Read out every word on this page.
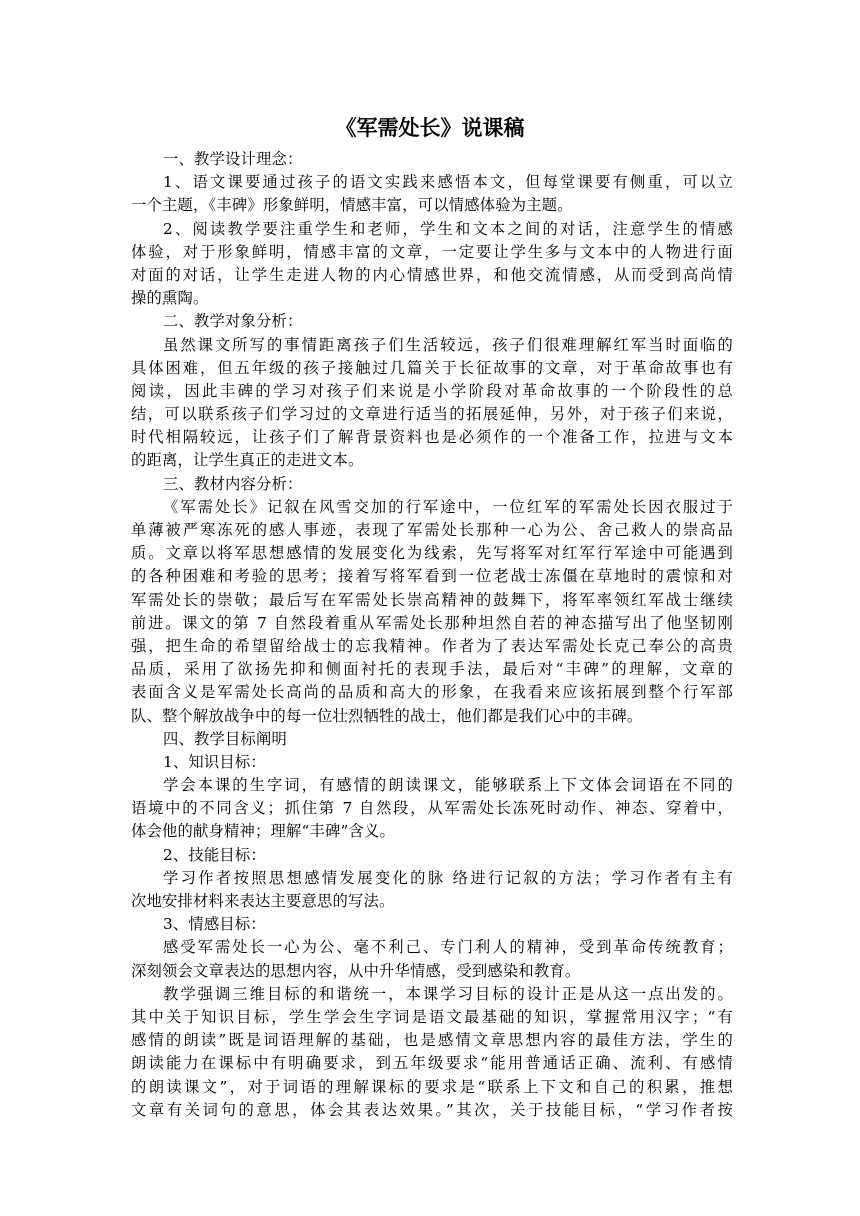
《军需处长》说课稿
一、教学设计理念：
1、语文课要通过孩子的语文实践来感悟本文，但每堂课要有侧重，可以立
一个主题，《丰碑》形象鲜明，情感丰富，可以情感体验为主题。
2、阅读教学要注重学生和老师，学生和文本之间的对话，注意学生的情感
体验，对于形象鲜明，情感丰富的文章，一定要让学生多与文本中的人物进行面
对面的对话，让学生走进人物的内心情感世界，和他交流情感，从而受到高尚情
操的熏陶。
二、教学对象分析：
虽然课文所写的事情距离孩子们生活较远，孩子们很难理解红军当时面临的
具体困难，但五年级的孩子接触过几篇关于长征故事的文章，对于革命故事也有
阅读，因此丰碑的学习对孩子们来说是小学阶段对革命故事的一个阶段性的总
结，可以联系孩子们学习过的文章进行适当的拓展延伸，另外，对于孩子们来说，
时代相隔较远，让孩子们了解背景资料也是必须作的一个准备工作，拉进与文本
的距离，让学生真正的走进文本。
三、教材内容分析：
《军需处长》记叙在风雪交加的行军途中，一位红军的军需处长因衣服过于
单薄被严寒冻死的感人事迹，表现了军需处长那种一心为公、舍己救人的崇高品
质。文章以将军思想感情的发展变化为线索，先写将军对红军行军途中可能遇到
的各种困难和考验的思考；接着写将军看到一位老战士冻僵在草地时的震惊和对
军需处长的崇敬；最后写在军需处长崇高精神的鼓舞下，将军率领红军战士继续
前进。课文的第 7 自然段着重从军需处长那种坦然自若的神态描写出了他坚韧刚
强，把生命的希望留给战士的忘我精神。作者为了表达军需处长克己奉公的高贵
品质，采用了欲扬先抑和侧面衬托的表现手法，最后对“丰碑”的理解，文章的
表面含义是军需处长高尚的品质和高大的形象，在我看来应该拓展到整个行军部
队、整个解放战争中的每一位壮烈牺牲的战士，他们都是我们心中的丰碑。
四、教学目标阐明
1、知识目标：
学会本课的生字词，有感情的朗读课文，能够联系上下文体会词语在不同的
语境中的不同含义；抓住第 7 自然段，从军需处长冻死时动作、神态、穿着中，
体会他的献身精神；理解“丰碑”含义。
2、技能目标：
学习作者按照思想感情发展变化的脉 络进行记叙的方法；学习作者有主有
次地安排材料来表达主要意思的写法。
3、情感目标：
感受军需处长一心为公、毫不利己、专门利人的精神，受到革命传统教育；
深刻领会文章表达的思想内容，从中升华情感，受到感染和教育。
教学强调三维目标的和谐统一，本课学习目标的设计正是从这一点出发的。
其中关于知识目标，学生学会生字词是语文最基础的知识，掌握常用汉字；“有
感情的朗读”既是词语理解的基础，也是感情文章思想内容的最佳方法，学生的
朗读能力在课标中有明确要求，到五年级要求“能用普通话正确、流利、有感情
的朗读课文”，对于词语的理解课标的要求是“联系上下文和自己的积累，推想
文章有关词句的意思，体会其表达效果。”其次，关于技能目标，“学习作者按
